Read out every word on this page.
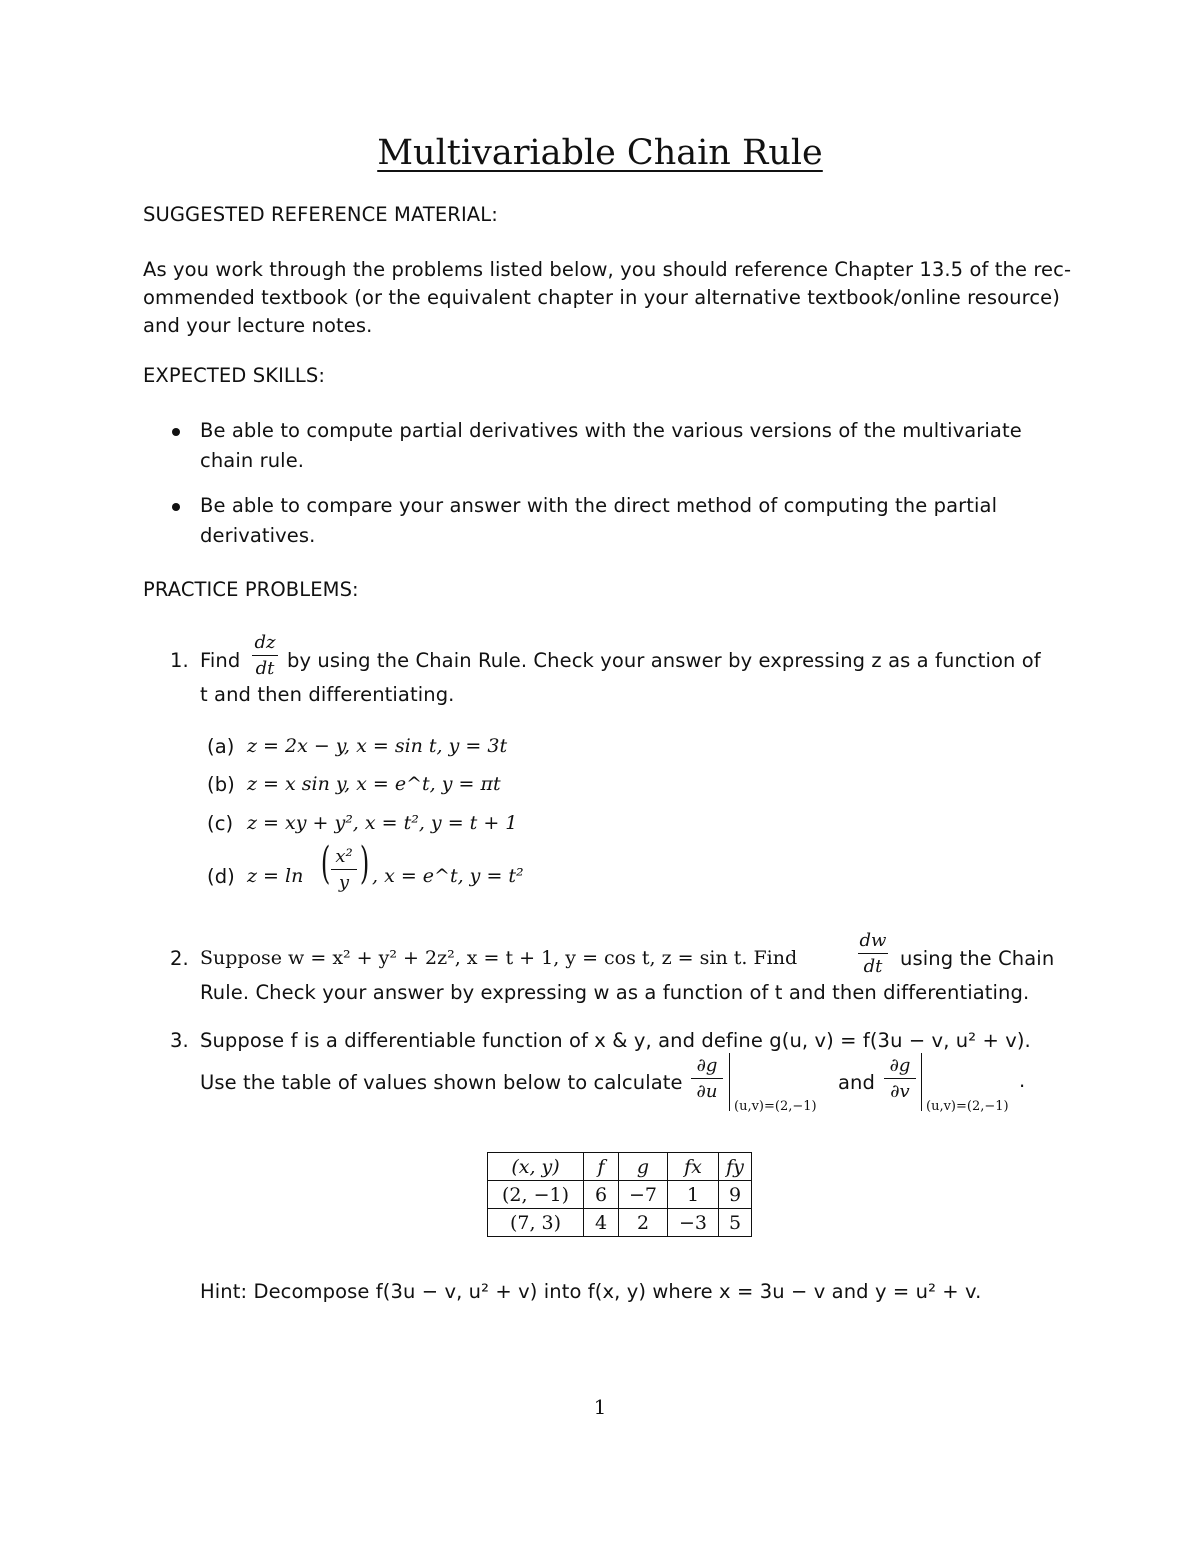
Multivariable Chain Rule
SUGGESTED REFERENCE MATERIAL:
As you work through the problems listed below, you should reference Chapter 13.5 of the rec-
ommended textbook (or the equivalent chapter in your alternative textbook/online resource)
and your lecture notes.
EXPECTED SKILLS:
Be able to compute partial derivatives with the various versions of the multivariate
chain rule.
Be able to compare your answer with the direct method of computing the partial
derivatives.
PRACTICE PROBLEMS:
1. Find
dz
dt by using the Chain Rule. Check your answer by expressing z as a function of
t and then differentiating.
(a) z = 2x − y, x = sin t, y = 3t
(b) z = x sin y, x = e^t, y = πt
(c) z = xy + y², x = t², y = t + 1
(d) z = ln ( x²
y ) , x = e^t, y = t²
2. Suppose w = x² + y² + 2z², x = t + 1, y = cos t, z = sin t. Find
dw
dt using the Chain
Rule. Check your answer by expressing w as a function of t and then differentiating.
3. Suppose f is a differentiable function of x & y, and define g(u, v) = f(3u − v, u² + v).
Use the table of values shown below to calculate
∂g
∂u
(u,v)=(2,−1)
and
∂g
∂v
(u,v)=(2,−1)
.
(x, y)	f	g	fx	fy
(2, −1)	6	−7	1	9
(7, 3)	4	2	−3	5
Hint: Decompose f(3u − v, u² + v) into f(x, y) where x = 3u − v and y = u² + v.
1
